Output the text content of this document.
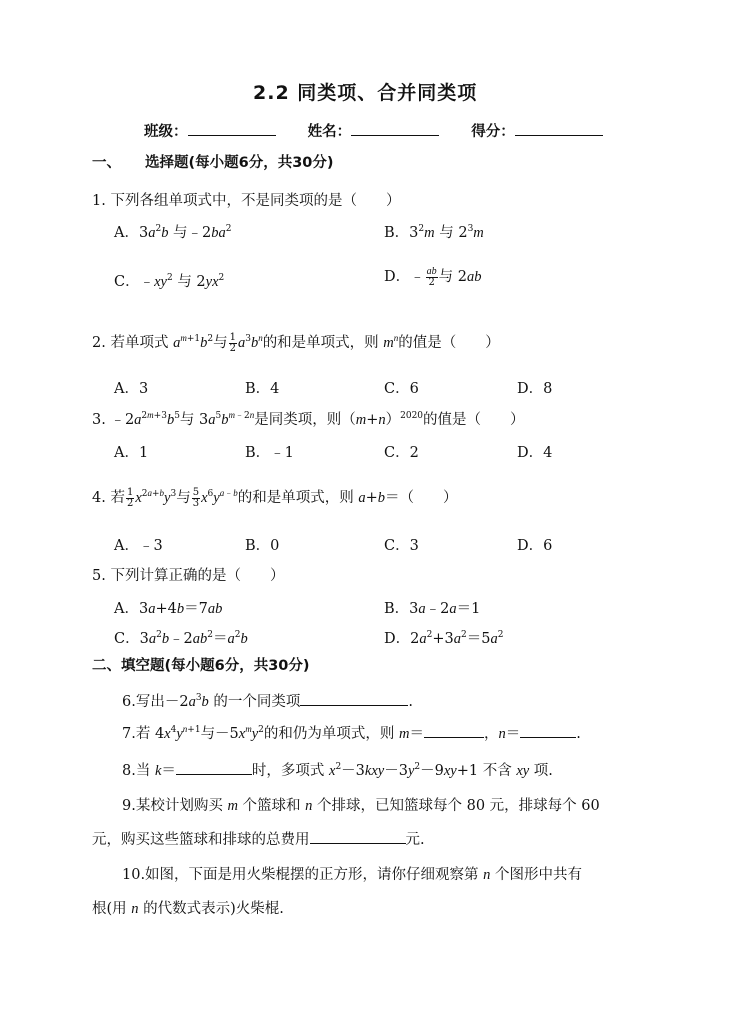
2.2 同类项、合并同类项
班级：	姓名：	得分：
一、 选择题(每小题6分，共30分)
1. 下列各组单项式中，不是同类项的是（　　）
A．$3a^2b$ 与$﹣2ba^2$	B．$3^2m$ 与 $2^3m$
C．$﹣xy^2$ 与 $2yx^2$	D．﹣ $\frac{ab}{2}$ 与 2ab
2. 若单项式 $a^{m+1}b^2$与 $\frac{1}{2} a^3b^n$的和是单项式，则 $m^n$的值是（　　）
A．3	B．4	C．6	D．8
3. $﹣2a^{2m+3}b^5$与 $3a^5b^{m﹣2n}$是同类项，则$(m+n)^{2020}$的值是（　　）
A．1	B．﹣1	C．2	D．4
4. 若 $\frac{1}{2} x^{2a+b}y^3$与 $\frac{5}{3} x^6y^{a﹣b}$的和是单项式，则 a+b＝（　　）
A．﹣3	B．0	C．3	D．6
5. 下列计算正确的是（　　）
A．3a+4b＝7ab	B．3a﹣2a＝1
C．$3a^2b﹣2ab^2=a^2b$	D．$2a^2+3a^2=5a^2$
二、填空题(每小题6分，共30分)
6.写出$-2a^3b$ 的一个同类项	.
7.若 $4x^4y^{n+1}$与$-5x^my^2$的和仍为单项式，则 m＝	，n＝	.
8.当 k＝	时，多项式 $x^2-3kxy-3y^2-9xy+1$ 不含 xy 项.
9.某校计划购买 m 个篮球和 n 个排球，已知篮球每个 80 元，排球每个 60
元，购买这些篮球和排球的总费用	元.
10.如图，下面是用火柴棍摆的正方形，请你仔细观察第 n 个图形中共有
根(用 n 的代数式表示)火柴棍.
